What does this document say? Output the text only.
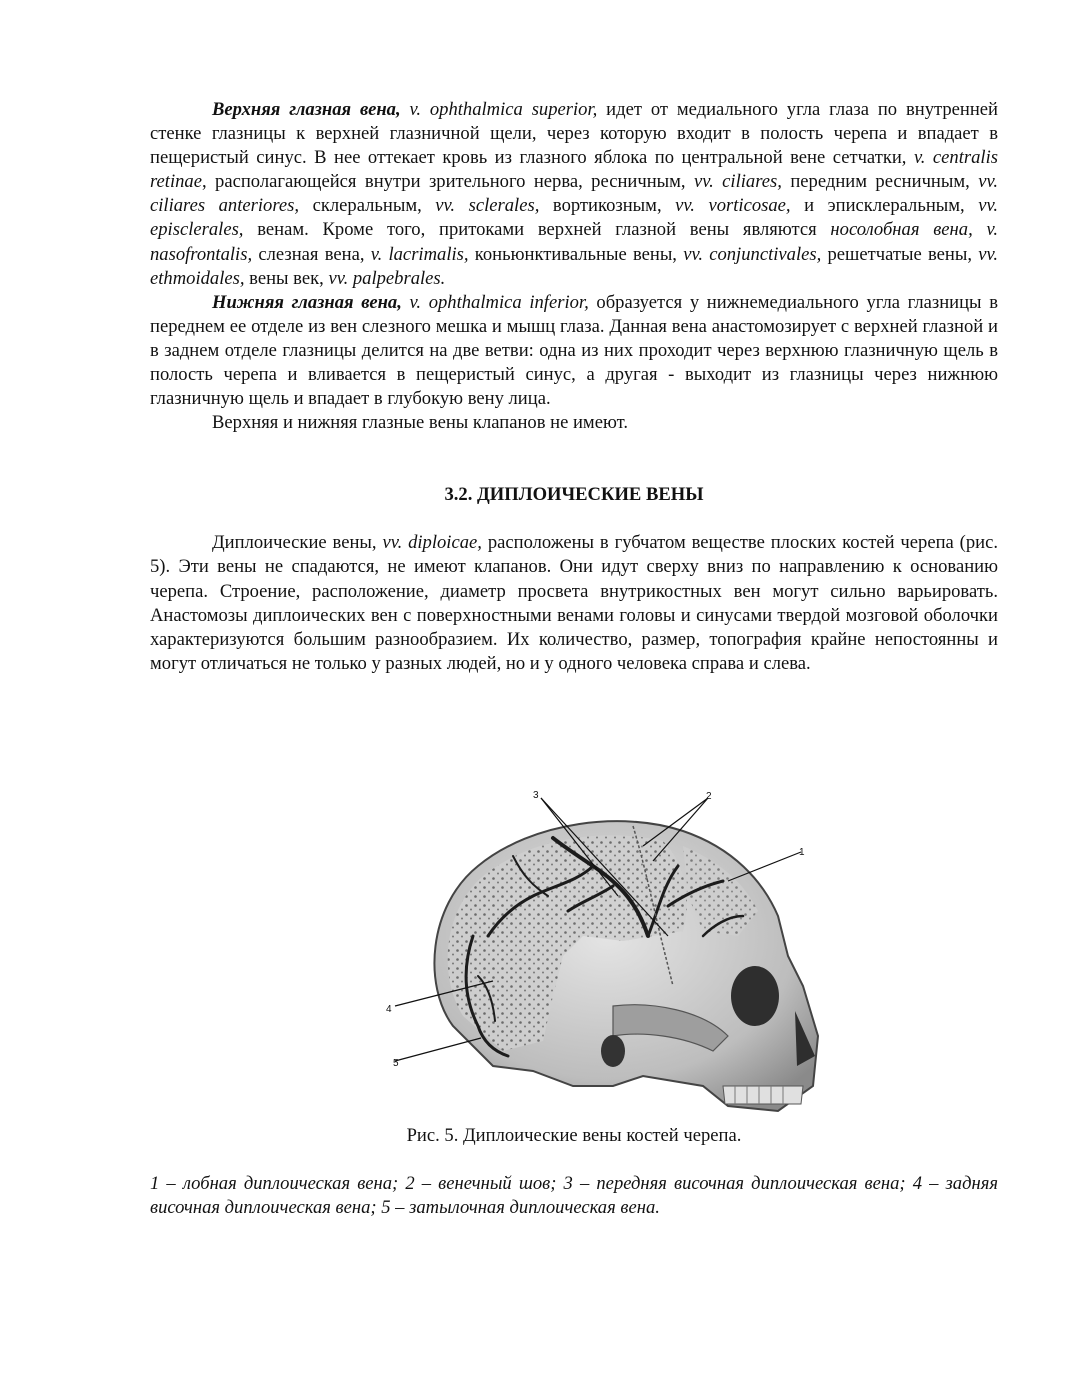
Верхняя глазная вена, v. ophthalmica superior, идет от медиального угла глаза по внутренней стенке глазницы к верхней глазничной щели, через которую входит в полость черепа и впадает в пещеристый синус. В нее оттекает кровь из глазного яблока по центральной вене сетчатки, v. centralis retinae, располагающейся внутри зрительного нерва, ресничным, vv. ciliares, передним ресничным, vv. ciliares anteriores, склеральным, vv. sclerales, вортикозным, vv. vorticosae, и эписклеральным, vv. episclerales, венам. Кроме того, притоками верхней глазной вены являются носолобная вена, v. nasofrontalis, слезная вена, v. lacrimalis, коньюнктивальные вены, vv. conjunctivales, решетчатые вены, vv. ethmoidales, вены век, vv. palpebrales.

Нижняя глазная вена, v. ophthalmica inferior, образуется у нижнемедиального угла глазницы в переднем ее отделе из вен слезного мешка и мышц глаза. Данная вена анастомозирует с верхней глазной и в заднем отделе глазницы делится на две ветви: одна из них проходит через верхнюю глазничную щель в полость черепа и вливается в пещеристый синус, а другая - выходит из глазницы через нижнюю глазничную щель и впадает в глубокую вену лица.

Верхняя и нижняя глазные вены клапанов не имеют.

3.2. ДИПЛОИЧЕСКИЕ ВЕНЫ

Диплоические вены, vv. diploicae, расположены в губчатом веществе плоских костей черепа (рис. 5). Эти вены не спадаются, не имеют клапанов. Они идут сверху вниз по направлению к основанию черепа. Строение, расположение, диаметр просвета внутрикостных вен могут сильно варьировать. Анастомозы диплоических вен с поверхностными венами головы и синусами твердой мозговой оболочки характеризуются большим разнообразием. Их количество, размер, топография крайне непостоянны и могут отличаться не только у разных людей, но и у одного человека справа и слева.

3	2
1
4
5

Рис. 5. Диплоические вены костей черепа.

1 – лобная диплоическая вена; 2 – венечный шов; 3 – передняя височная диплоическая вена; 4 – задняя височная диплоическая вена; 5 – затылочная диплоическая вена.
